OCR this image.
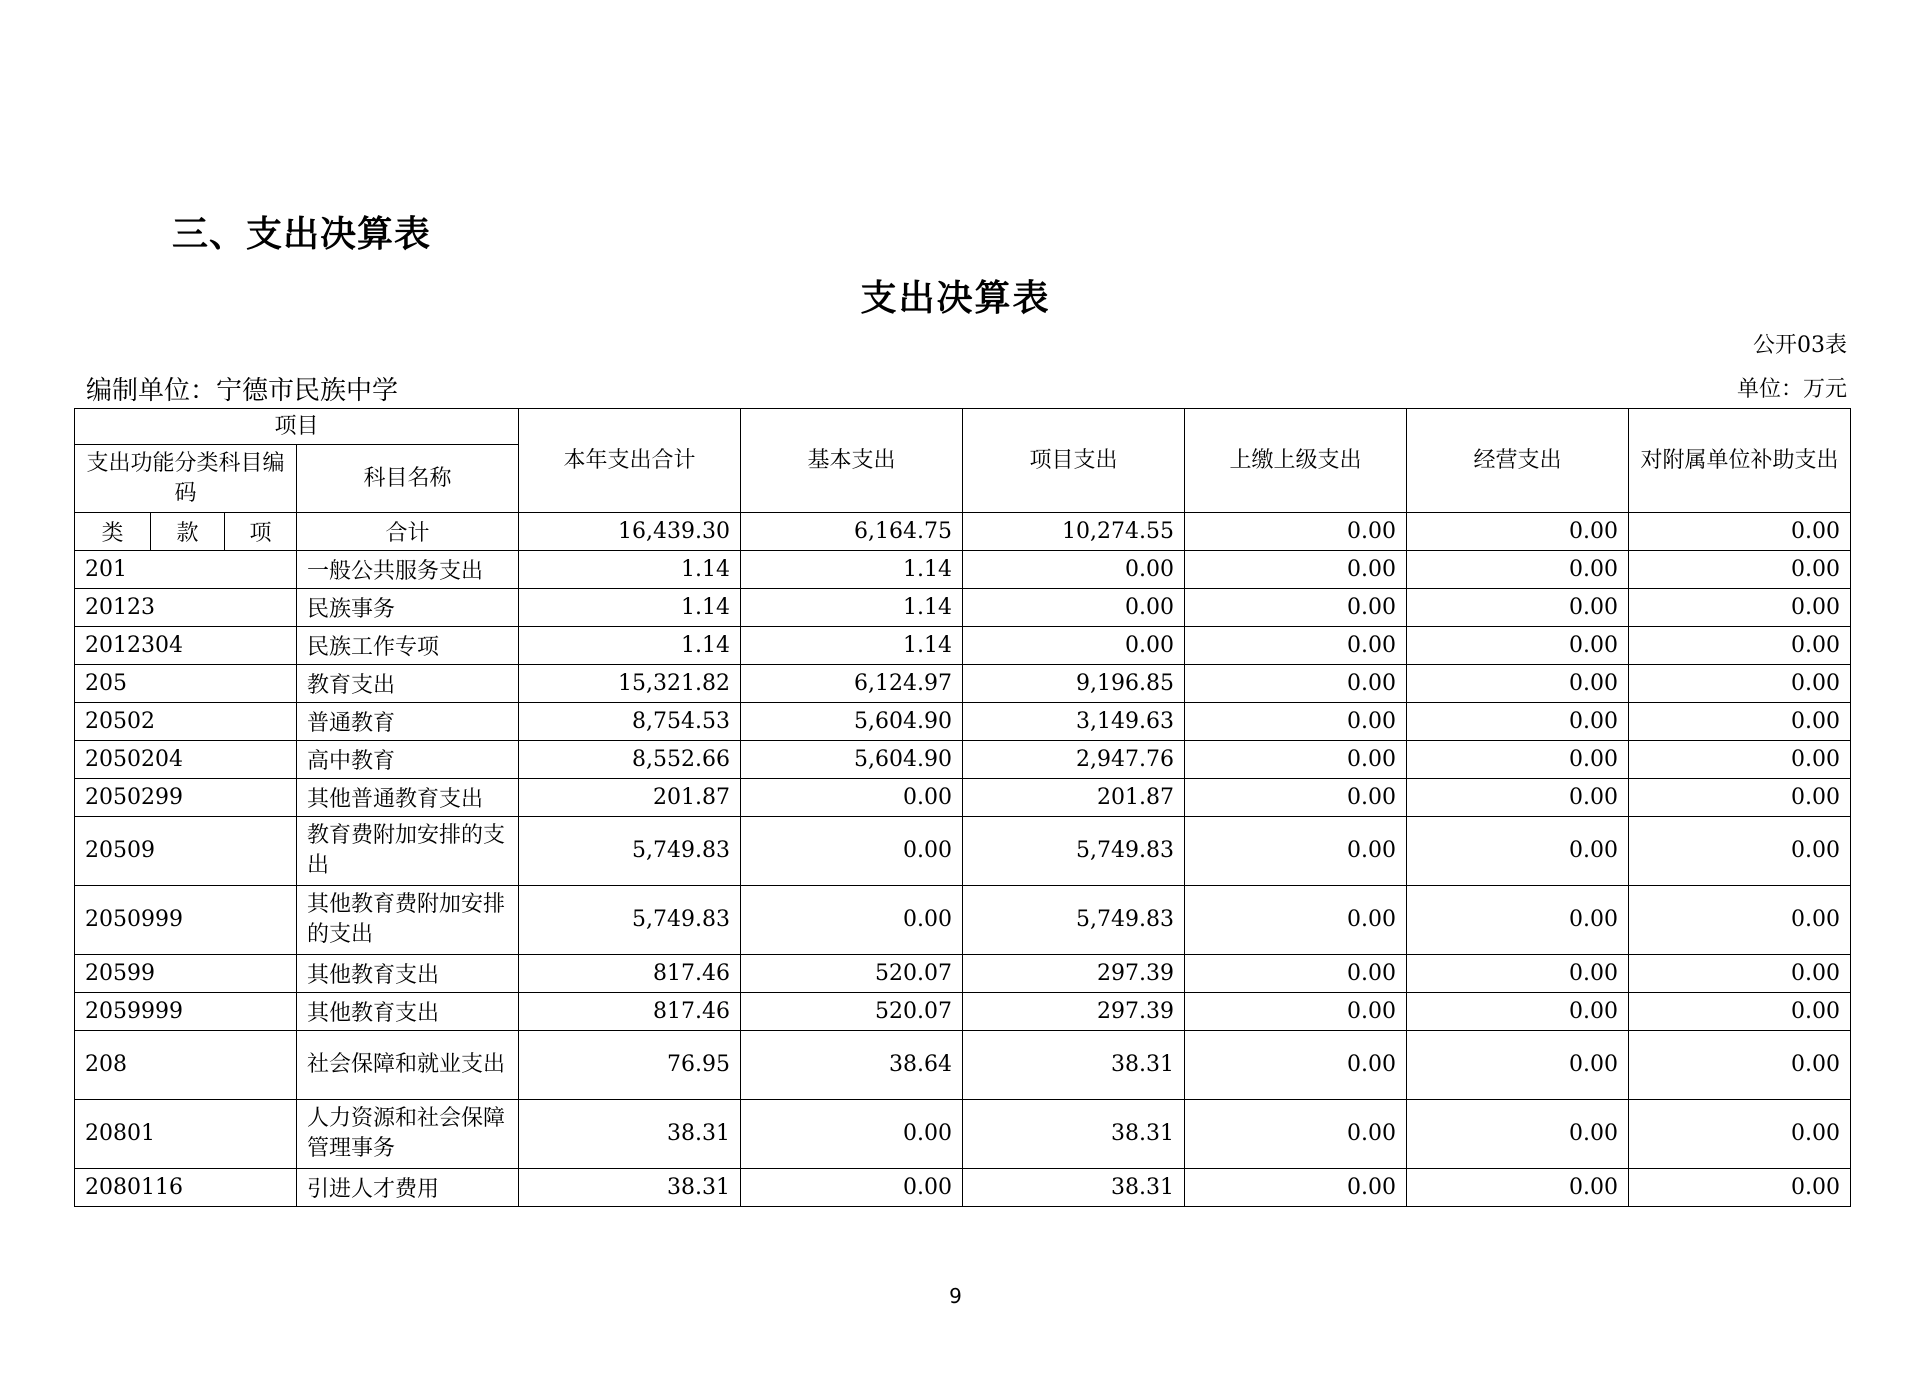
三、支出决算表
支出决算表
公开03表
编制单位：宁德市民族中学	单位：万元
项目				本年支出合计	基本支出	项目支出	上缴上级支出	经营支出	对附属单位补助支出
支出功能分类科目编码			科目名称						
类	款	项	合计	16,439.30	6,164.75	10,274.55	0.00	0.00	0.00
201			一般公共服务支出	1.14	1.14	0.00	0.00	0.00	0.00
20123			民族事务	1.14	1.14	0.00	0.00	0.00	0.00
2012304			民族工作专项	1.14	1.14	0.00	0.00	0.00	0.00
205			教育支出	15,321.82	6,124.97	9,196.85	0.00	0.00	0.00
20502			普通教育	8,754.53	5,604.90	3,149.63	0.00	0.00	0.00
2050204			高中教育	8,552.66	5,604.90	2,947.76	0.00	0.00	0.00
2050299			其他普通教育支出	201.87	0.00	201.87	0.00	0.00	0.00
20509			教育费附加安排的支出	5,749.83	0.00	5,749.83	0.00	0.00	0.00
2050999			其他教育费附加安排的支出	5,749.83	0.00	5,749.83	0.00	0.00	0.00
20599			其他教育支出	817.46	520.07	297.39	0.00	0.00	0.00
2059999			其他教育支出	817.46	520.07	297.39	0.00	0.00	0.00
208			社会保障和就业支出	76.95	38.64	38.31	0.00	0.00	0.00
20801			人力资源和社会保障管理事务	38.31	0.00	38.31	0.00	0.00	0.00
2080116			引进人才费用	38.31	0.00	38.31	0.00	0.00	0.00
9
